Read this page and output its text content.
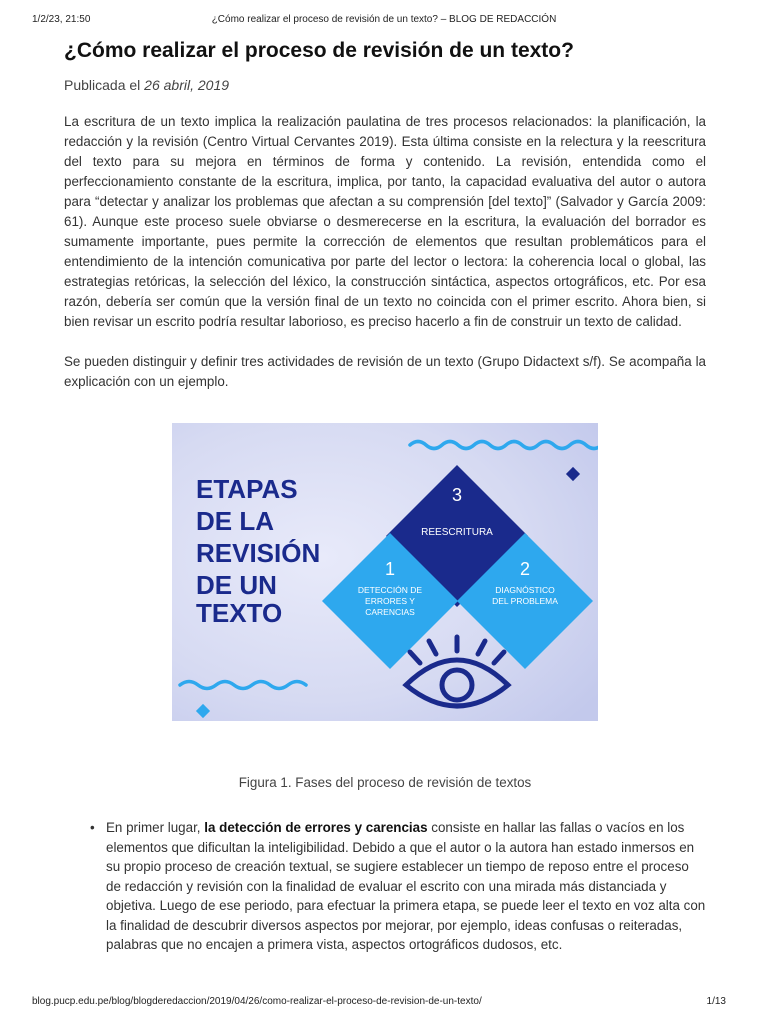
1/2/23, 21:50	¿Cómo realizar el proceso de revisión de un texto? – BLOG DE REDACCIÓN
¿Cómo realizar el proceso de revisión de un texto?
Publicada el 26 abril, 2019

La escritura de un texto implica la realización paulatina de tres procesos relacionados: la planificación, la redacción y la revisión (Centro Virtual Cervantes 2019). Esta última consiste en la relectura y la reescritura del texto para su mejora en términos de forma y contenido. La revisión, entendida como el perfeccionamiento constante de la escritura, implica, por tanto, la capacidad evaluativa del autor o autora para “detectar y analizar los problemas que afectan a su comprensión [del texto]” (Salvador y García 2009: 61). Aunque este proceso suele obviarse o desmerecerse en la escritura, la evaluación del borrador es sumamente importante, pues permite la corrección de elementos que resultan problemáticos para el entendimiento de la intención comunicativa por parte del lector o lectora: la coherencia local o global, las estrategias retóricas, la selección del léxico, la construcción sintáctica, aspectos ortográficos, etc. Por esa razón, debería ser común que la versión final de un texto no coincida con el primer escrito. Ahora bien, si bien revisar un escrito podría resultar laborioso, es preciso hacerlo a fin de construir un texto de calidad.

Se pueden distinguir y definir tres actividades de revisión de un texto (Grupo Didactext s/f). Se acompaña la explicación con un ejemplo.

ETAPAS
DE LA
REVISIÓN
DE UN
TEXTO
3
REESCRITURA
1
DETECCIÓN DE
ERRORES Y
CARENCIAS
2
DIAGNÓSTICO
DEL PROBLEMA
Figura 1. Fases del proceso de revisión de textos
• En primer lugar, la detección de errores y carencias consiste en hallar las fallas o vacíos en los elementos que dificultan la inteligibilidad. Debido a que el autor o la autora han estado inmersos en su propio proceso de creación textual, se sugiere establecer un tiempo de reposo entre el proceso de redacción y revisión con la finalidad de evaluar el escrito con una mirada más distanciada y objetiva. Luego de ese periodo, para efectuar la primera etapa, se puede leer el texto en voz alta con la finalidad de descubrir diversos aspectos por mejorar, por ejemplo, ideas confusas o reiteradas, palabras que no encajen a primera vista, aspectos ortográficos dudosos, etc.
blog.pucp.edu.pe/blog/blogderedaccion/2019/04/26/como-realizar-el-proceso-de-revision-de-un-texto/	1/13
